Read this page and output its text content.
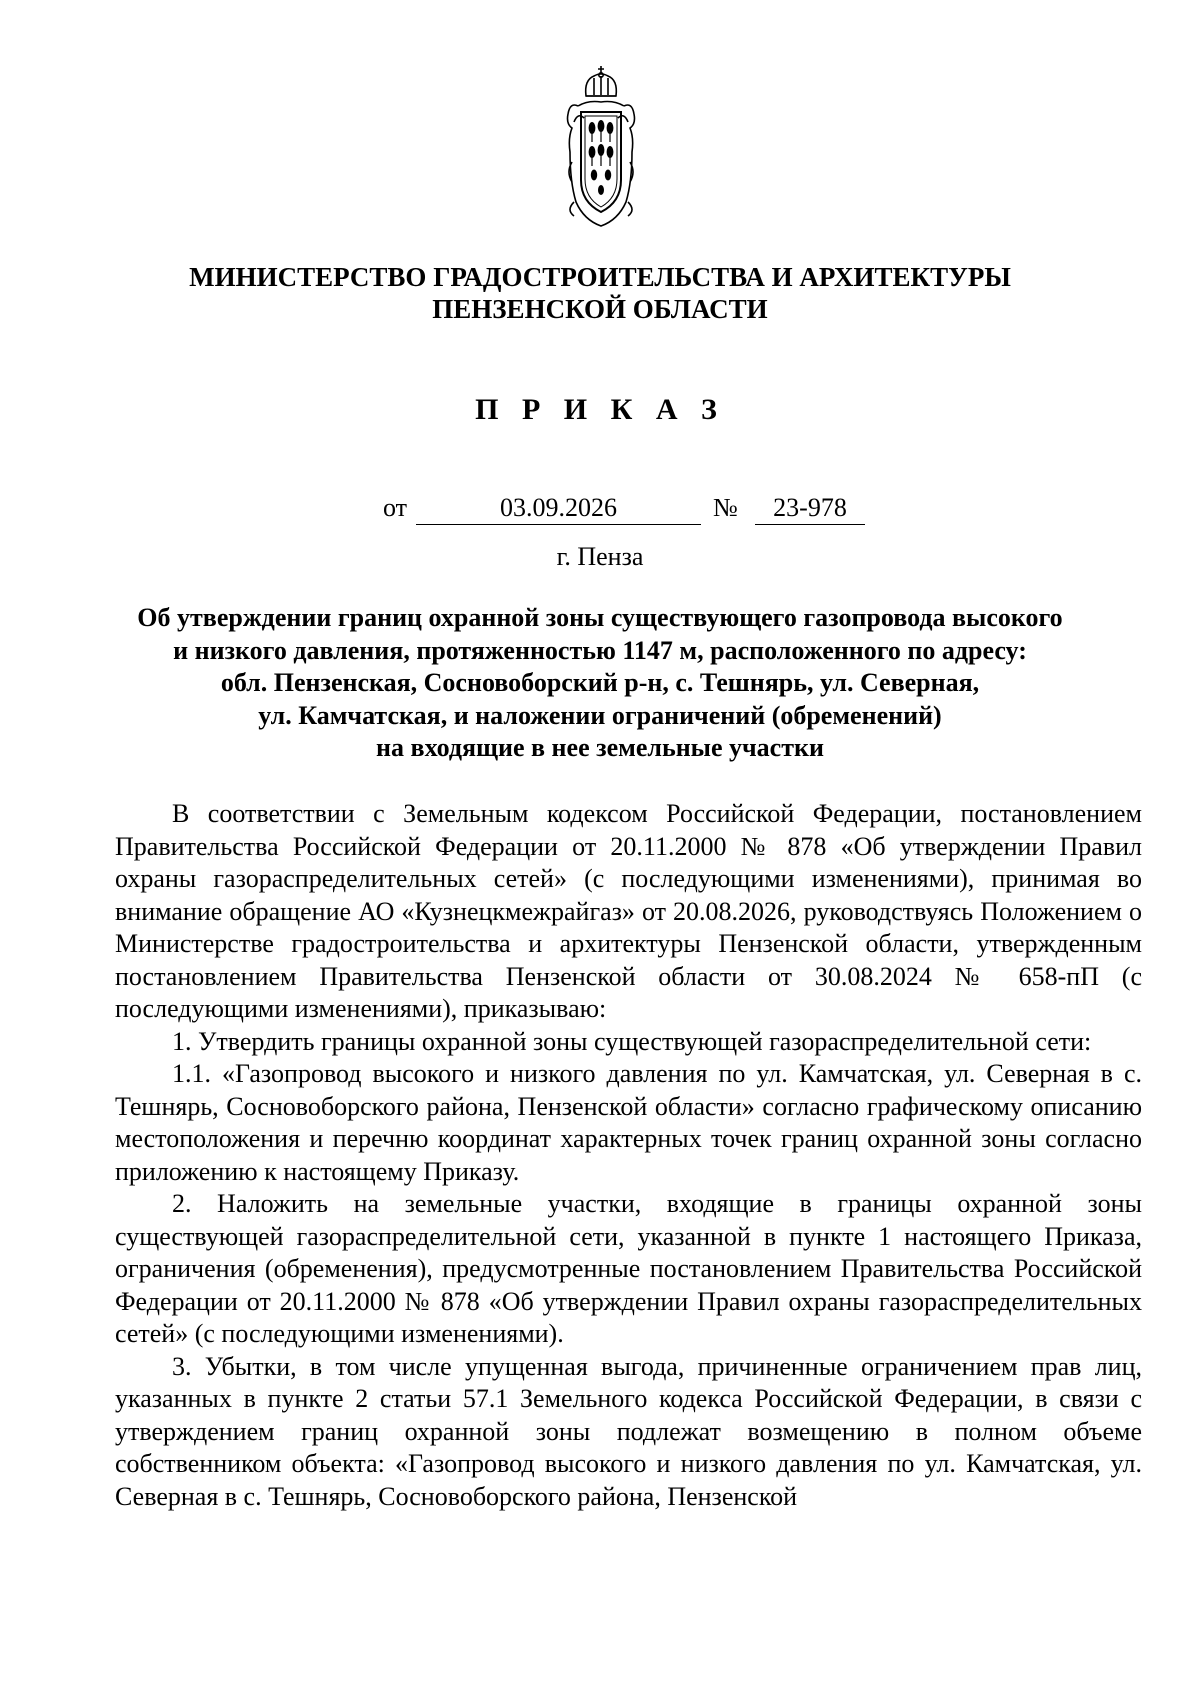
МИНИСТЕРСТВО ГРАДОСТРОИТЕЛЬСТВА И АРХИТЕКТУРЫ
ПЕНЗЕНСКОЙ ОБЛАСТИ
П Р И К А З
от	03.09.2026	№	23-978
г. Пенза
Об утверждении границ охранной зоны существующего газопровода высокого
и низкого давления, протяженностью 1147 м, расположенного по адресу:
обл. Пензенская, Сосновоборский р-н, с. Тешнярь, ул. Северная,
ул. Камчатская, и наложении ограничений (обременений)
на входящие в нее земельные участки

В соответствии с Земельным кодексом Российской Федерации, постановлением Правительства Российской Федерации от 20.11.2000 № 878 «Об утверждении Правил охраны газораспределительных сетей» (с последующими изменениями), принимая во внимание обращение АО «Кузнецкмежрайгаз» от 20.08.2026, руководствуясь Положением о Министерстве градостроительства и архитектуры Пензенской области, утвержденным постановлением Правительства Пензенской области от 30.08.2024 № 658-пП (с последующими изменениями), приказываю:

1. Утвердить границы охранной зоны существующей газораспределительной сети:

1.1. «Газопровод высокого и низкого давления по ул. Камчатская, ул. Северная в с. Тешнярь, Сосновоборского района, Пензенской области» согласно графическому описанию местоположения и перечню координат характерных точек границ охранной зоны согласно приложению к настоящему Приказу.

2. Наложить на земельные участки, входящие в границы охранной зоны существующей газораспределительной сети, указанной в пункте 1 настоящего Приказа, ограничения (обременения), предусмотренные постановлением Правительства Российской Федерации от 20.11.2000 № 878 «Об утверждении Правил охраны газораспределительных сетей» (с последующими изменениями).

3. Убытки, в том числе упущенная выгода, причиненные ограничением прав лиц, указанных в пункте 2 статьи 57.1 Земельного кодекса Российской Федерации, в связи с утверждением границ охранной зоны подлежат возмещению в полном объеме собственником объекта: «Газопровод высокого и низкого давления по ул. Камчатская, ул. Северная в с. Тешнярь, Сосновоборского района, Пензенской
